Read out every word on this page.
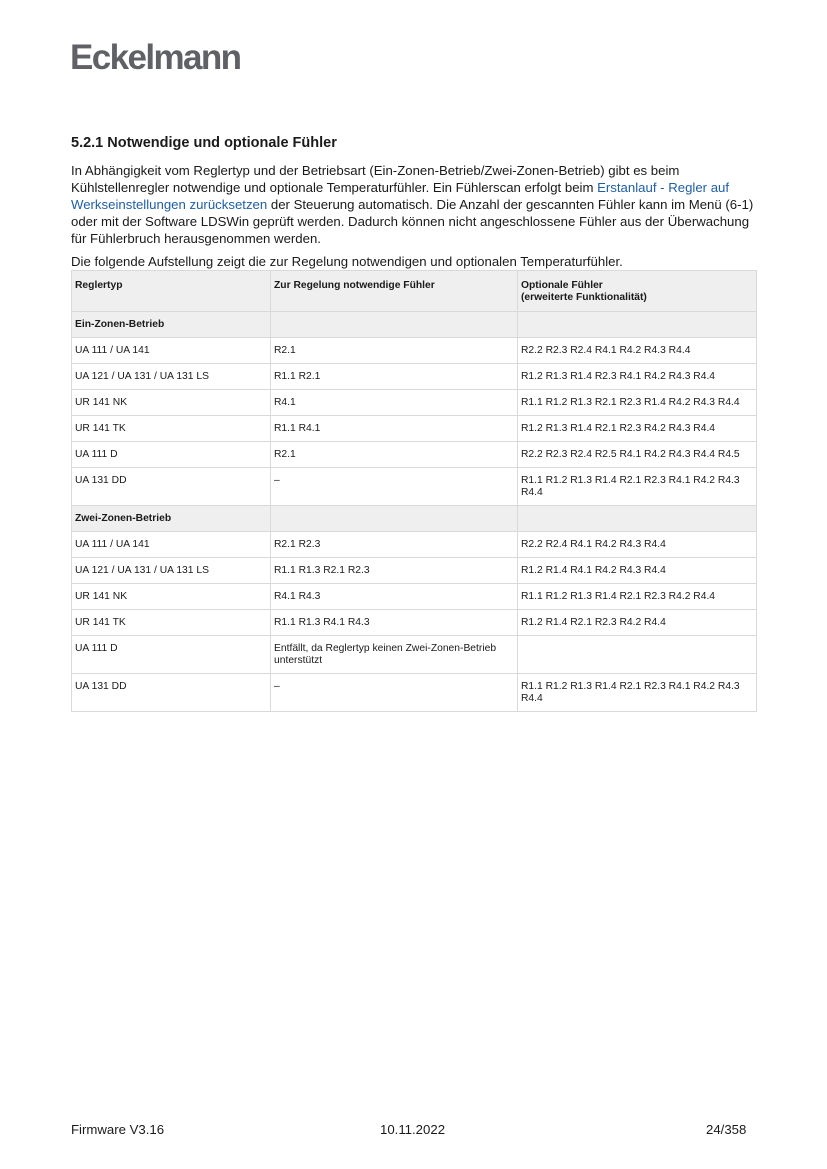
Eckelmann
5.2.1 Notwendige und optionale Fühler

In Abhängigkeit vom Reglertyp und der Betriebsart (Ein-Zonen-Betrieb/Zwei-Zonen-Betrieb) gibt es beim Kühlstellenregler notwendige und optionale Temperaturfühler. Ein Fühlerscan erfolgt beim Erstanlauf - Regler auf Werkseinstellungen zurücksetzen der Steuerung automatisch. Die Anzahl der gescannten Fühler kann im Menü (6-1) oder mit der Software LDSWin geprüft werden. Dadurch können nicht angeschlossene Fühler aus der Überwachung für Fühlerbruch herausgenommen werden.

Die folgende Aufstellung zeigt die zur Regelung notwendigen und optionalen Temperaturfühler.

Reglertyp	Zur Regelung notwendige Fühler	Optionale Fühler
(erweiterte Funktionalität)
Ein-Zonen-Betrieb		
UA 111 / UA 141	R2.1	R2.2 R2.3 R2.4 R4.1 R4.2 R4.3 R4.4
UA 121 / UA 131 / UA 131 LS	R1.1 R2.1	R1.2 R1.3 R1.4 R2.3 R4.1 R4.2 R4.3 R4.4
UR 141 NK	R4.1	R1.1 R1.2 R1.3 R2.1 R2.3 R1.4 R4.2 R4.3 R4.4
UR 141 TK	R1.1 R4.1	R1.2 R1.3 R1.4 R2.1 R2.3 R4.2 R4.3 R4.4
UA 111 D	R2.1	R2.2 R2.3 R2.4 R2.5 R4.1 R4.2 R4.3 R4.4 R4.5
UA 131 DD	–	R1.1 R1.2 R1.3 R1.4 R2.1 R2.3 R4.1 R4.2 R4.3 R4.4
Zwei-Zonen-Betrieb		
UA 111 / UA 141	R2.1 R2.3	R2.2 R2.4 R4.1 R4.2 R4.3 R4.4
UA 121 / UA 131 / UA 131 LS	R1.1 R1.3 R2.1 R2.3	R1.2 R1.4 R4.1 R4.2 R4.3 R4.4
UR 141 NK	R4.1 R4.3	R1.1 R1.2 R1.3 R1.4 R2.1 R2.3 R4.2 R4.4
UR 141 TK	R1.1 R1.3 R4.1 R4.3	R1.2 R1.4 R2.1 R2.3 R4.2 R4.4
UA 111 D	Entfällt, da Reglertyp keinen Zwei-Zonen-Betrieb unterstützt	
UA 131 DD	–	R1.1 R1.2 R1.3 R1.4 R2.1 R2.3 R4.1 R4.2 R4.3 R4.4
Firmware V3.16	10.11.2022	24/358
